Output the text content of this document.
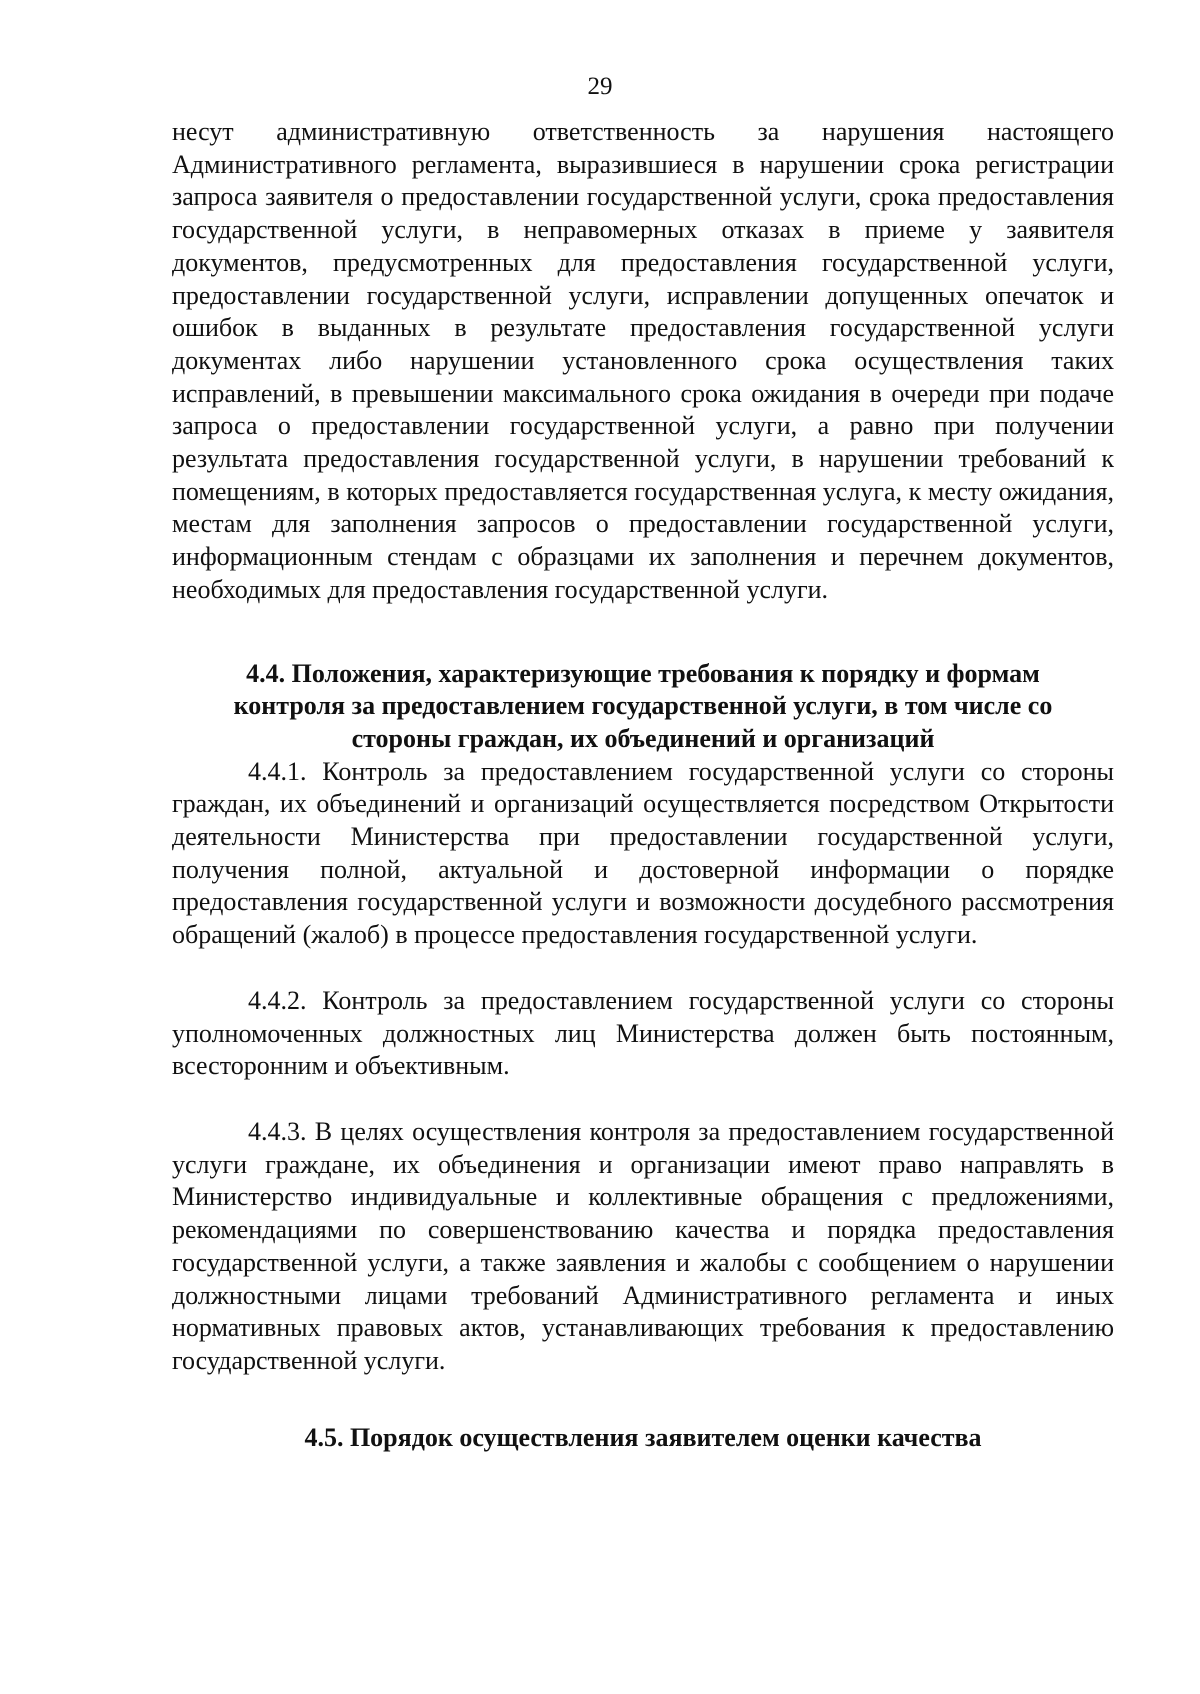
29

несут административную ответственность за нарушения настоящего Административного регламента, выразившиеся в нарушении срока регистрации запроса заявителя о предоставлении государственной услуги, срока предоставления государственной услуги, в неправомерных отказах в приеме у заявителя документов, предусмотренных для предоставления государственной услуги, предоставлении государственной услуги, исправлении допущенных опечаток и ошибок в выданных в результате предоставления государственной услуги документах либо нарушении установленного срока осуществления таких исправлений, в превышении максимального срока ожидания в очереди при подаче запроса о предоставлении государственной услуги, а равно при получении результата предоставления государственной услуги, в нарушении требований к помещениям, в которых предоставляется государственная услуга, к месту ожидания, местам для заполнения запросов о предоставлении государственной услуги, информационным стендам с образцами их заполнения и перечнем документов, необходимых для предоставления государственной услуги.

4.4. Положения, характеризующие требования к порядку и формам

контроля за предоставлением государственной услуги, в том числе со

стороны граждан, их объединений и организаций

4.4.1. Контроль за предоставлением государственной услуги со стороны граждан, их объединений и организаций осуществляется посредством Открытости деятельности Министерства при предоставлении государственной услуги, получения полной, актуальной и достоверной информации о порядке предоставления государственной услуги и возможности досудебного рассмотрения обращений (жалоб) в процессе предоставления государственной услуги.

4.4.2. Контроль за предоставлением государственной услуги со стороны уполномоченных должностных лиц Министерства должен быть постоянным, всесторонним и объективным.

4.4.3. В целях осуществления контроля за предоставлением государственной услуги граждане, их объединения и организации имеют право направлять в Министерство индивидуальные и коллективные обращения с предложениями, рекомендациями по совершенствованию качества и порядка предоставления государственной услуги, а также заявления и жалобы с сообщением о нарушении должностными лицами требований Административного регламента и иных нормативных правовых актов, устанавливающих требования к предоставлению государственной услуги.

4.5. Порядок осуществления заявителем оценки качества
